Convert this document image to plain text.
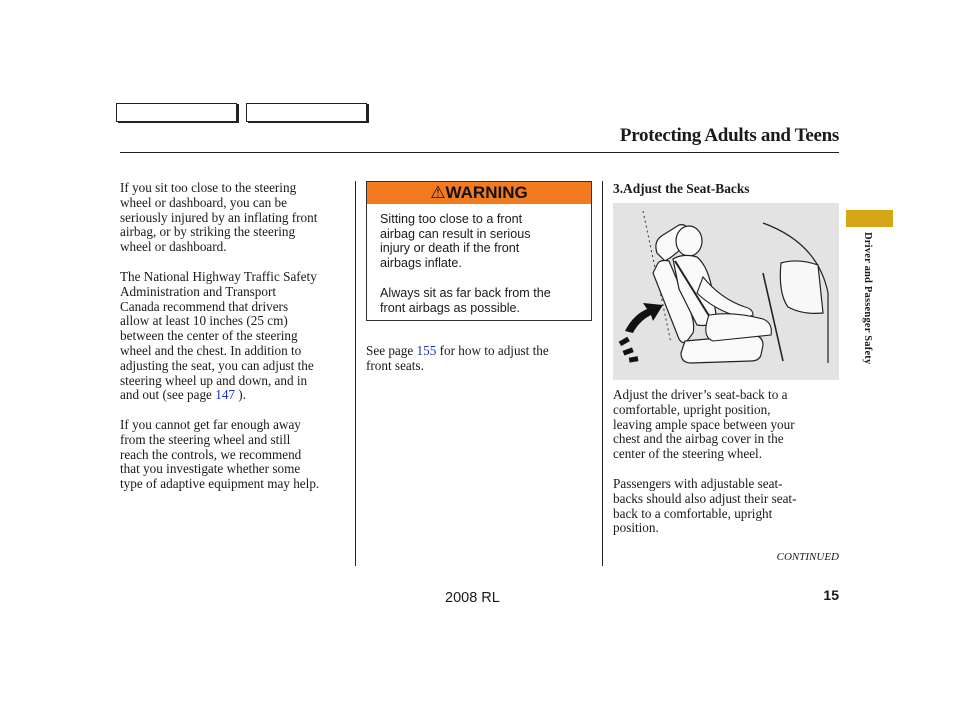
Protecting Adults and Teens
If you sit too close to the steering
wheel or dashboard, you can be
seriously injured by an inflating front
airbag, or by striking the steering
wheel or dashboard.
The National Highway Traffic Safety
Administration and Transport
Canada recommend that drivers
allow at least 10 inches (25 cm)
between the center of the steering
wheel and the chest. In addition to
adjusting the seat, you can adjust the
steering wheel up and down, and in
and out (see page 147 ).
If you cannot get far enough away
from the steering wheel and still
reach the controls, we recommend
that you investigate whether some
type of adaptive equipment may help.
⚠WARNING
Sitting too close to a front
airbag can result in serious
injury or death if the front
airbags inflate.
Always sit as far back from the
front airbags as possible.
See page 155 for how to adjust the
front seats.
3.Adjust the Seat-Backs
Adjust the driver’s seat-back to a
comfortable, upright position,
leaving ample space between your
chest and the airbag cover in the
center of the steering wheel.
Passengers with adjustable seat-
backs should also adjust their seat-
back to a comfortable, upright
position.
CONTINUED
Driver and Passenger Safety
2008 RL	15
